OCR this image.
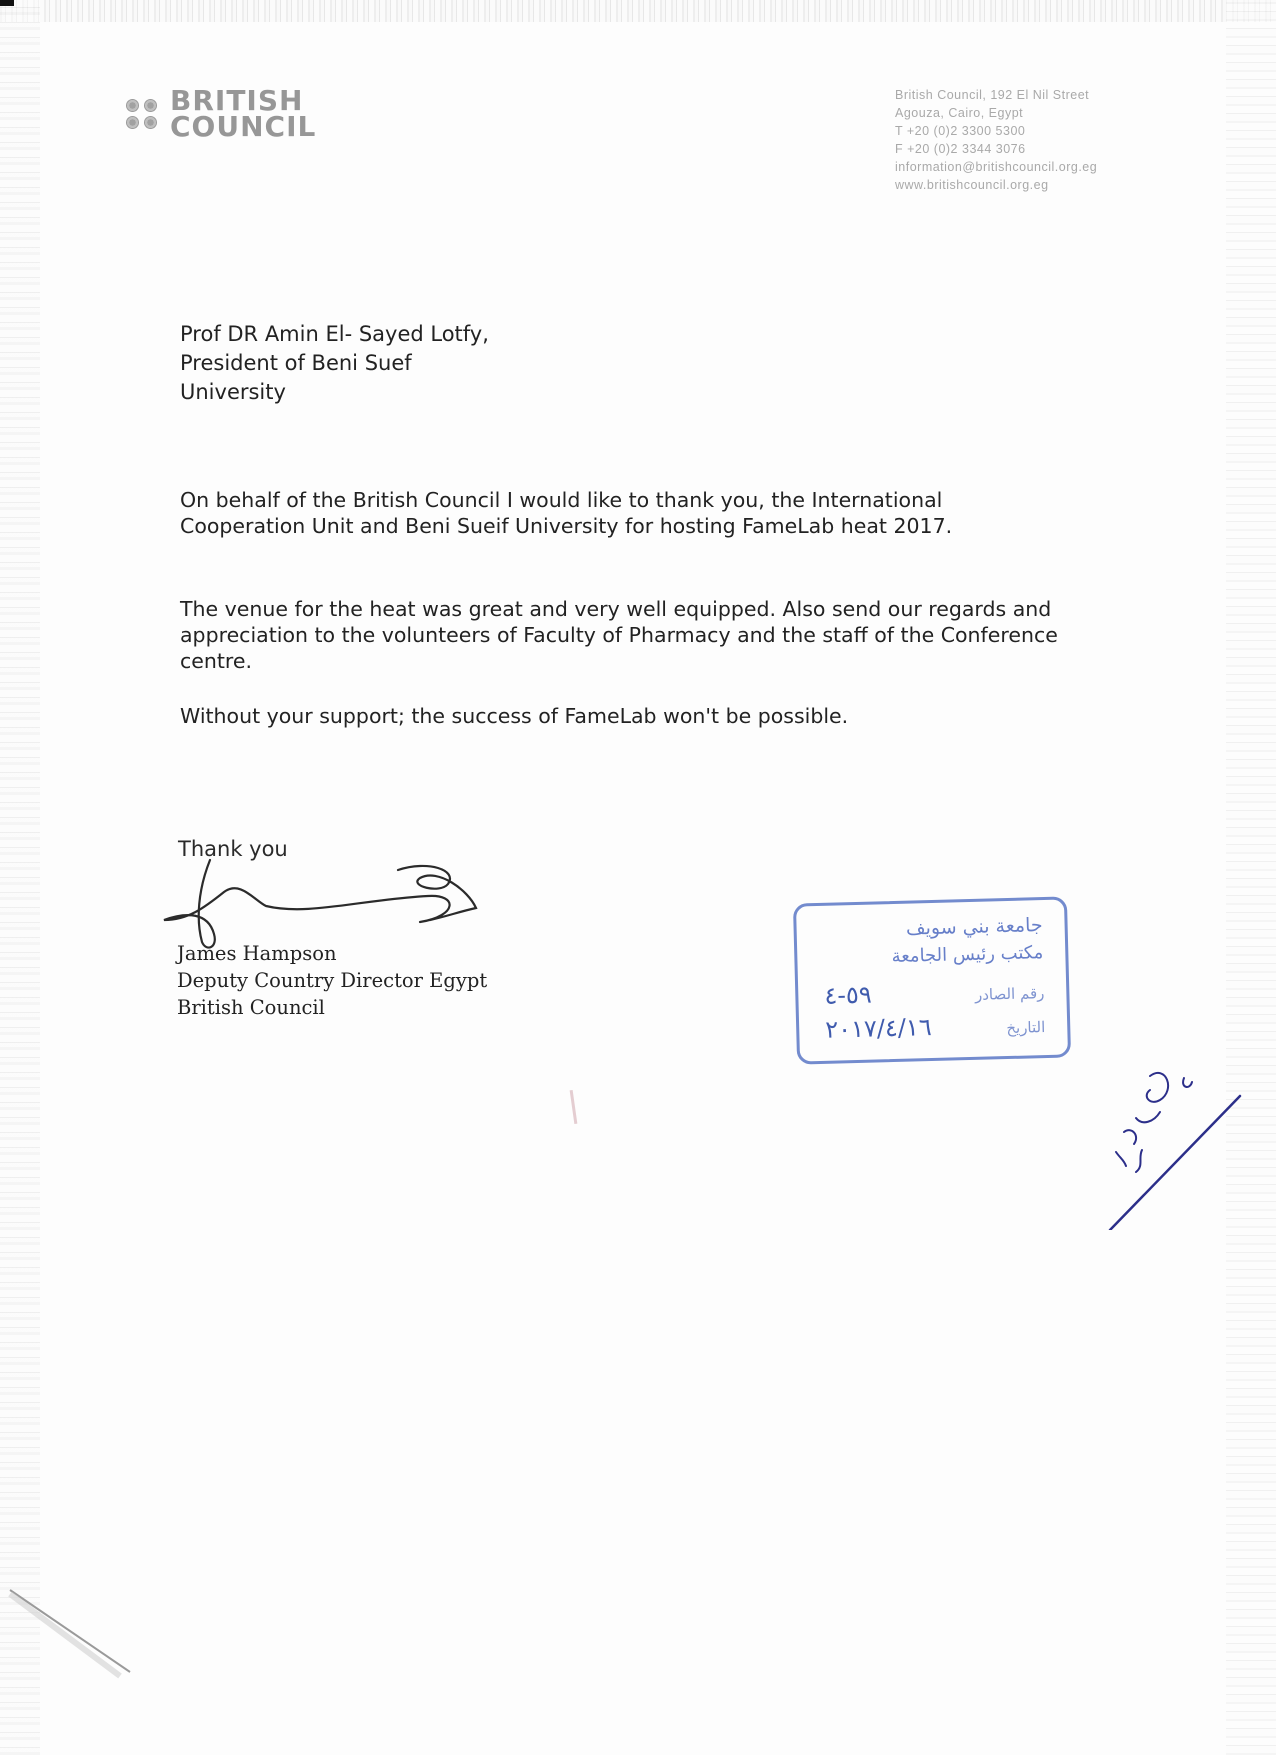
BRITISH
COUNCIL
British Council, 192 El Nil Street
Agouza, Cairo, Egypt
T +20 (0)2 3300 5300
F +20 (0)2 3344 3076
information@britishcouncil.org.eg
www.britishcouncil.org.eg
Prof DR Amin El- Sayed Lotfy,
President of Beni Suef
University

On behalf of the British Council I would like to thank you, the International Cooperation Unit and Beni Sueif University for hosting FameLab heat 2017.

The venue for the heat was great and very well equipped. Also send our regards and appreciation to the volunteers of Faculty of Pharmacy and the staff of the Conference centre.

Without your support; the success of FameLab won't be possible.

Thank you
James Hampson
Deputy Country Director Egypt
British Council
جامعة بني سويف
مكتب رئيس الجامعة
رقم الصادر
٥٩-٤
التاريخ
٢٠١٧/٤/١٦
